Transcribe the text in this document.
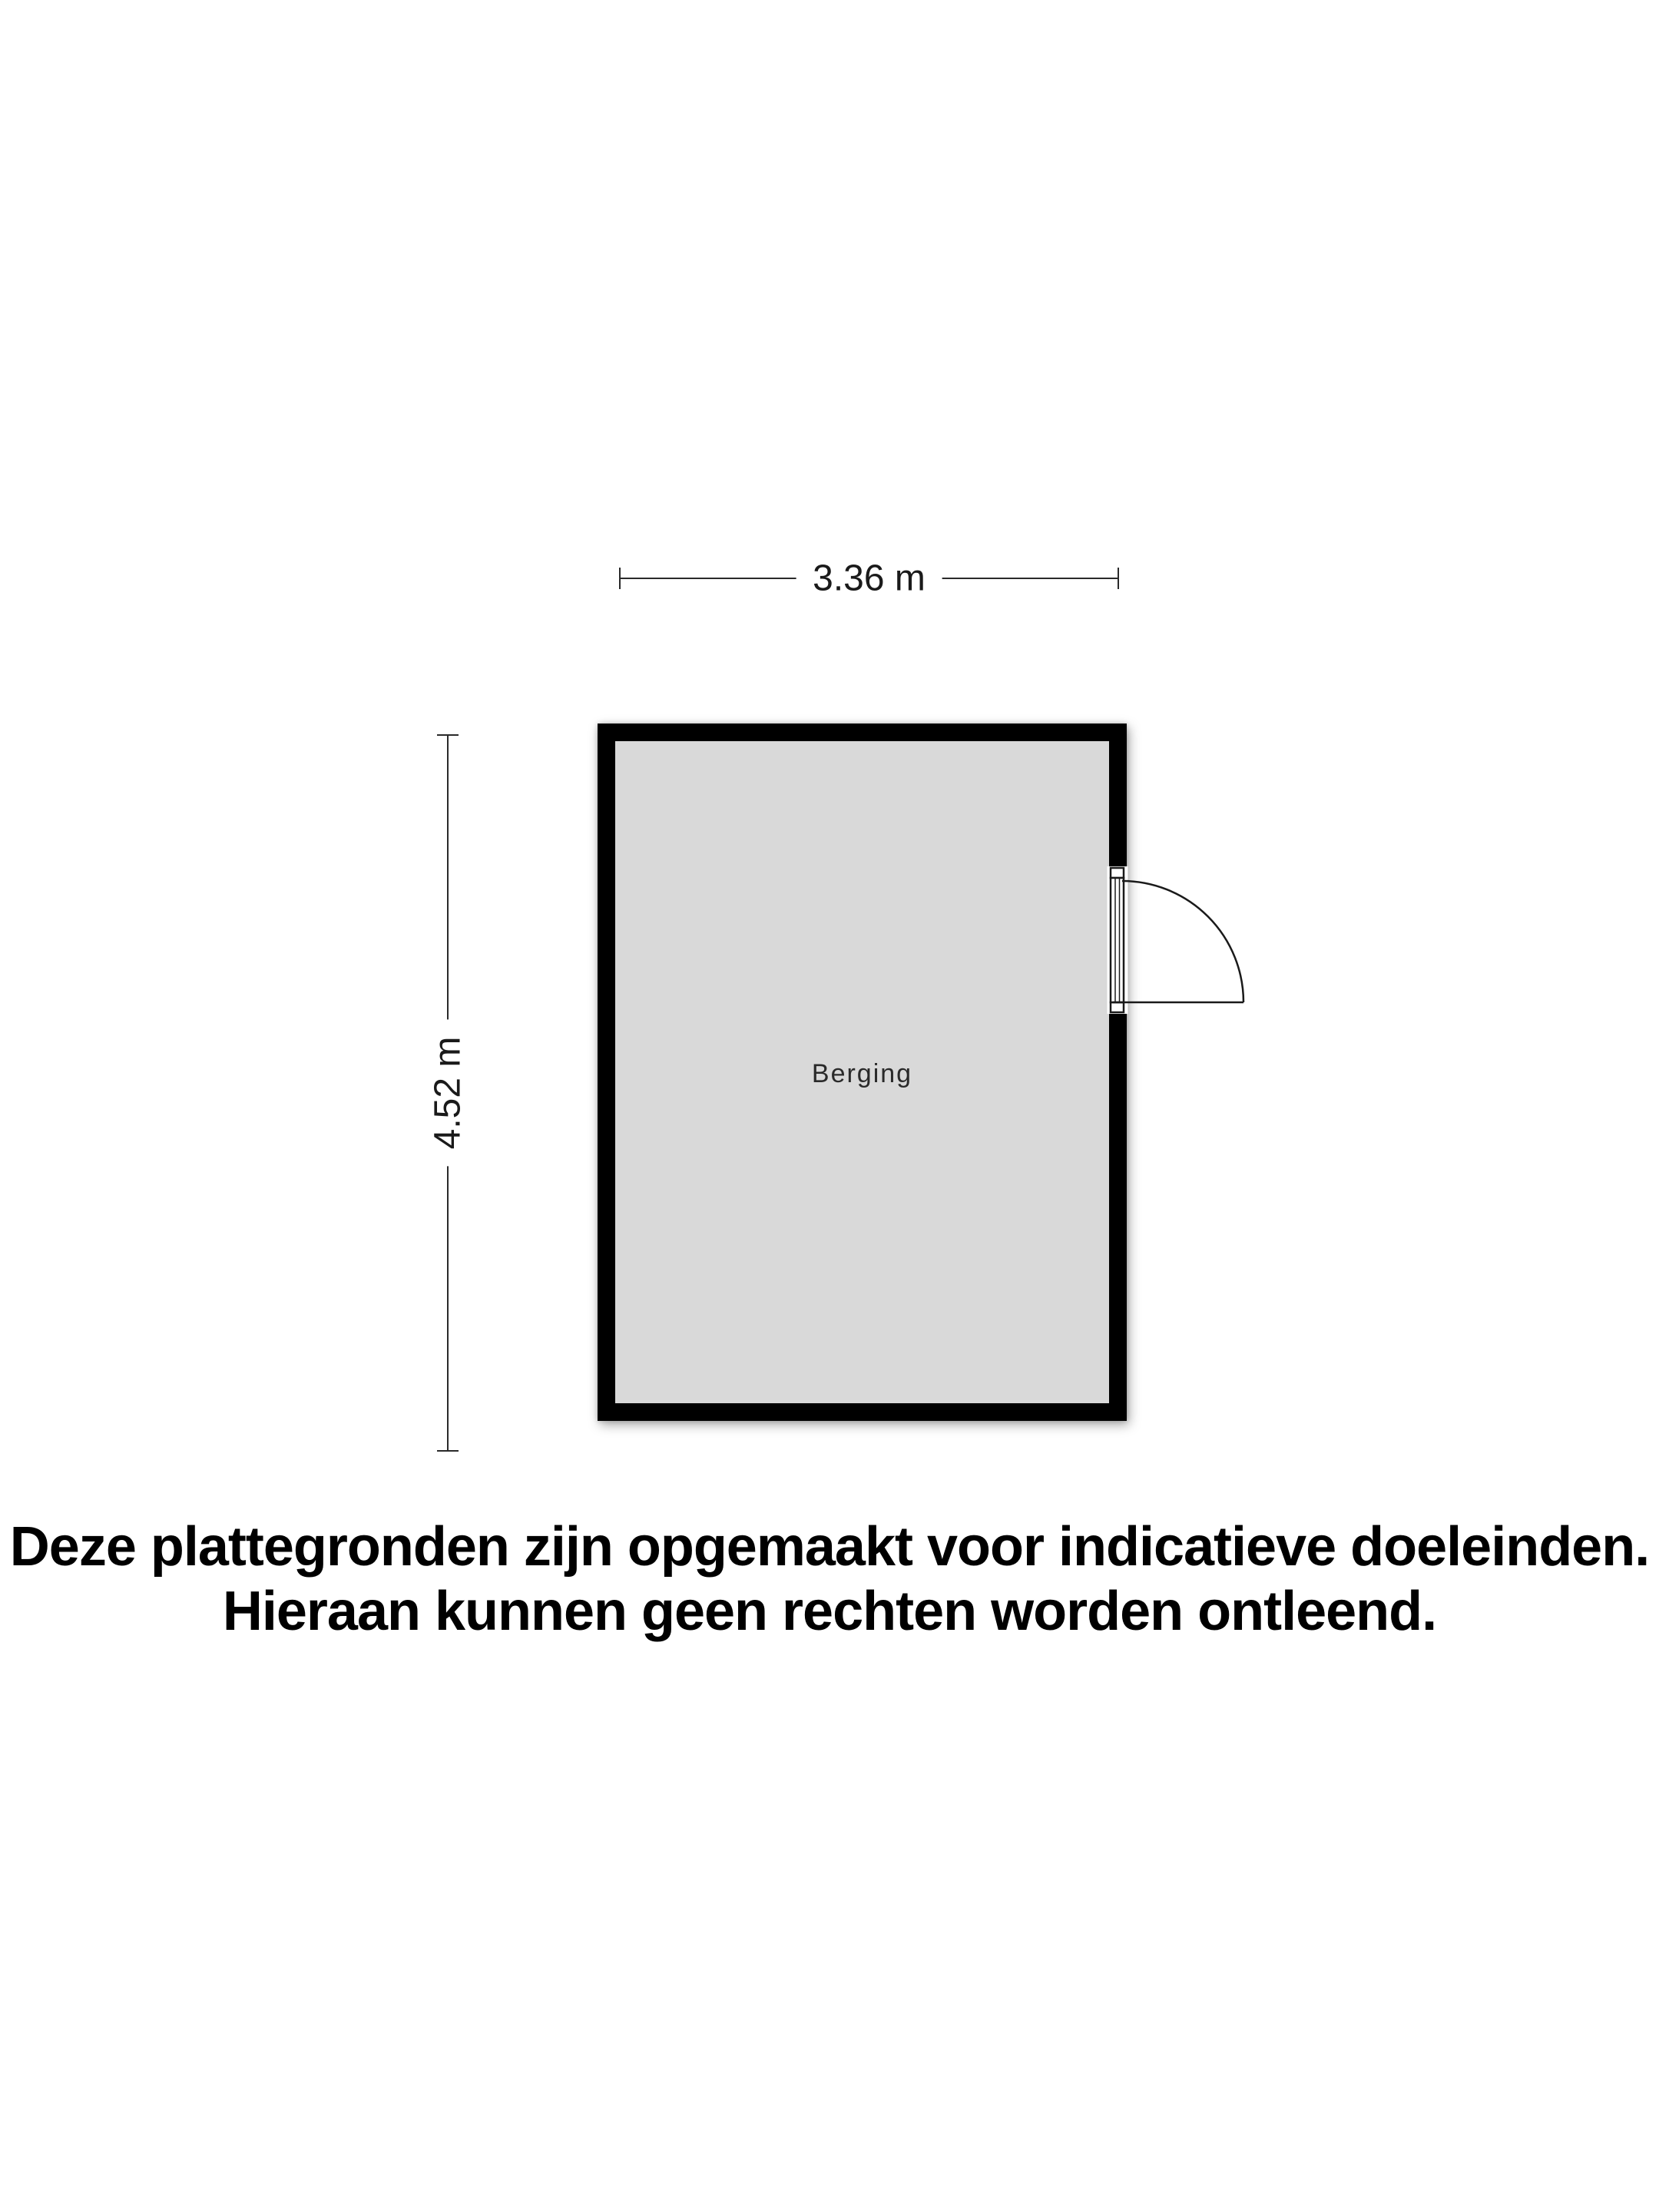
3.36 m
4.52 m	Berging
Deze plattegronden zijn opgemaakt voor indicatieve doeleinden.
Hieraan kunnen geen rechten worden ontleend.
